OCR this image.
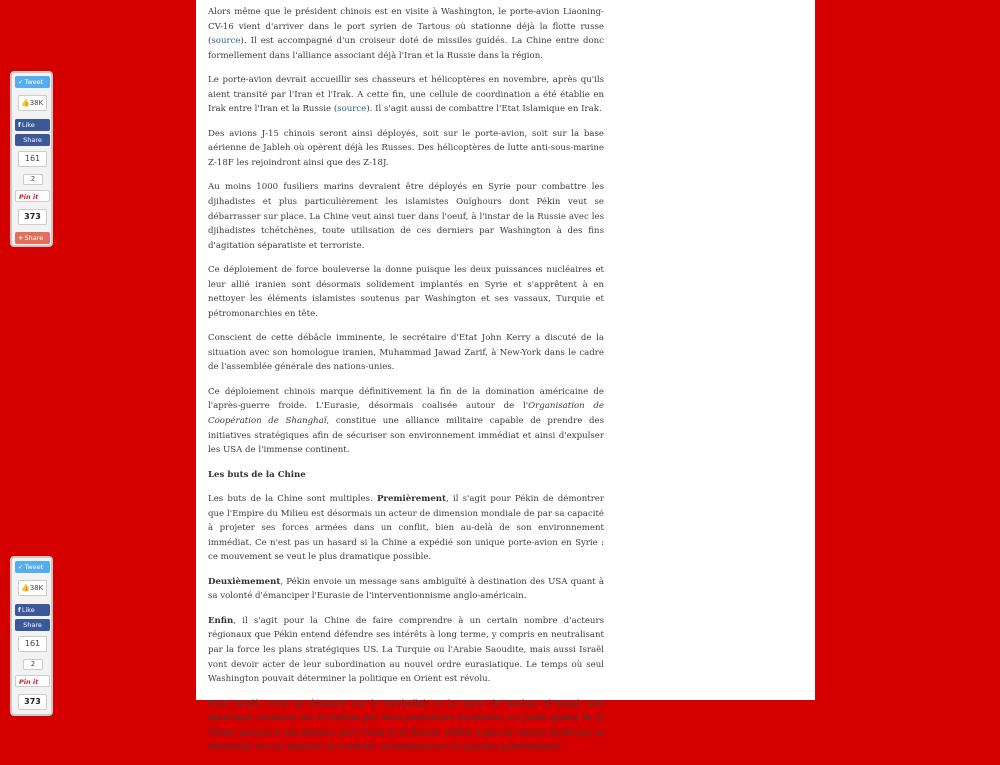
✓Tweet
👍38K
fLike
Share
161
2
Pin it
373
+Share
✓Tweet
👍38K
fLike
Share
161
2
Pin it
373

Alors même que le président chinois est en visite à Washington, le porte-avion Liaoning-CV-16 vient d'arriver dans le port syrien de Tartous où stationne déjà la flotte russe (source). Il est accompagné d'un croiseur doté de missiles guidés. La Chine entre donc formellement dans l'alliance associant déjà l'Iran et la Russie dans la région.

Le porte-avion devrait accueillir ses chasseurs et hélicoptères en novembre, après qu'ils aient transité par l'Iran et l'Irak. A cette fin, une cellule de coordination a été établie en Irak entre l'Iran et la Russie (source). Il s'agit aussi de combattre l'Etat Islamique en Irak.

Des avions J-15 chinois seront ainsi déployés, soit sur le porte-avion, soit sur la base aérienne de Jableh où opèrent déjà les Russes. Des hélicoptères de lutte anti-sous-marine Z-18F les rejoindront ainsi que des Z-18J.

Au moins 1000 fusiliers marins devraient être déployés en Syrie pour combattre les djihadistes et plus particulièrement les islamistes Ouïghours dont Pékin veut se débarrasser sur place. La Chine veut ainsi tuer dans l'oeuf, à l'instar de la Russie avec les djihadistes tchétchènes, toute utilisation de ces derniers par Washington à des fins d'agitation séparatiste et terroriste.

Ce déploiement de force bouleverse la donne puisque les deux puissances nucléaires et leur allié iranien sont désormais solidement implantés en Syrie et s'apprêtent à en nettoyer les éléments islamistes soutenus par Washington et ses vassaux, Turquie et pétromonarchies en tête.

Conscient de cette débâcle imminente, le secrétaire d'Etat John Kerry a discuté de la situation avec son homologue iranien, Muhammad Jawad Zarif, à New-York dans le cadre de l'assemblée générale des nations-unies.

Ce déploiement chinois marque définitivement la fin de la domination américaine de l'après-guerre froide. L'Eurasie, désormais coalisée autour de l'Organisation de Coopération de Shanghaï, constitue une alliance militaire capable de prendre des initiatives stratégiques afin de sécuriser son environnement immédiat et ainsi d'expulser les USA de l'immense continent.

Les buts de la Chine

Les buts de la Chine sont multiples. Premièrement, il s'agit pour Pékin de démontrer que l'Empire du Milieu est désormais un acteur de dimension mondiale de par sa capacité à projeter ses forces armées dans un conflit, bien au-delà de son environnement immédiat. Ce n'est pas un hasard si la Chine a expédié son unique porte-avion en Syrie : ce mouvement se veut le plus dramatique possible.

Deuxièmement, Pékin envoie un message sans ambiguïté à destination des USA quant à sa volonté d'émanciper l'Eurasie de l'interventionnisme anglo-américain.

Enfin, il s'agit pour la Chine de faire comprendre à un certain nombre d'acteurs régionaux que Pékin entend défendre ses intérêts à long terme, y compris en neutralisant par la force les plans stratégiques US. La Turquie ou l'Arabie Saoudite, mais aussi Israël vont devoir acter de leur subordination au nouvel ordre eurasiatique. Le temps où seul Washington pouvait déterminer la politique en Orient est révolu.

Pour Israël, c'est un désastre car le Hezbollah et la Syrie de Bachar Al-Assad sont désormais soutenus sur le terrain par deux puissances nucléaires. Le poids global de la Chine, associé à son alliance avec l'Iran et la Russie, réduit à peu de choses Israël qui va désormais se voir imposer sa conduite, notamment sur la question palestinienne.
